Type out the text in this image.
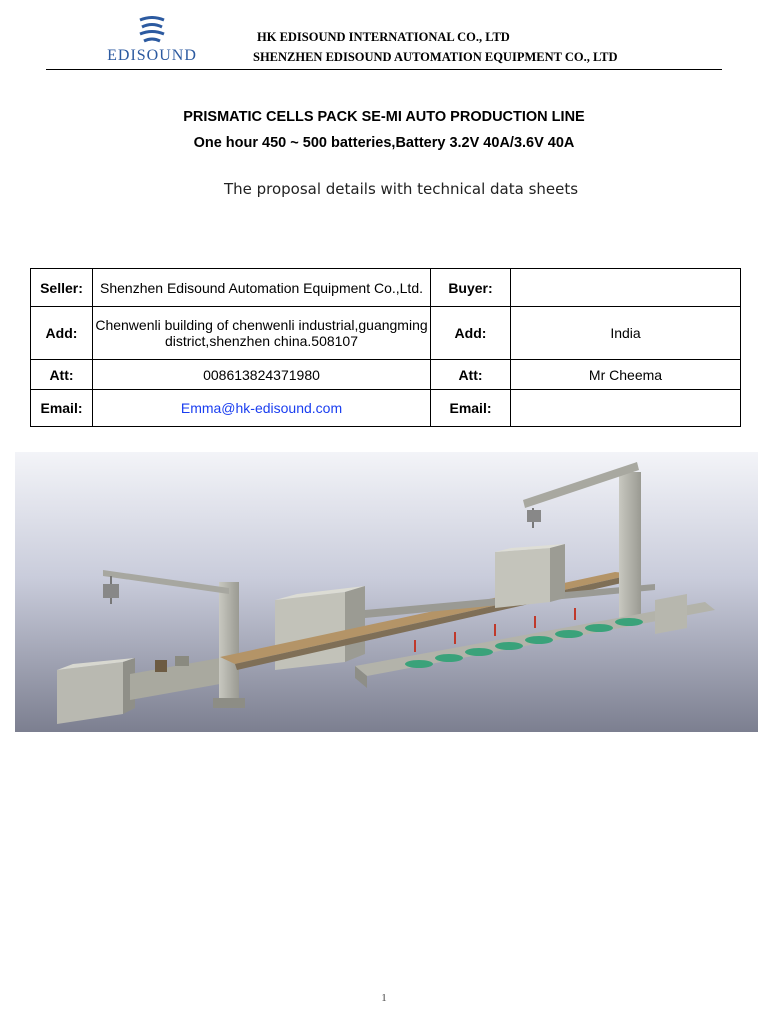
EDISOUND
HK EDISOUND INTERNATIONAL CO., LTD
SHENZHEN EDISOUND AUTOMATION EQUIPMENT CO., LTD
PRISMATIC CELLS PACK SE-MI AUTO PRODUCTION LINE
One hour 450 ~ 500 batteries,Battery 3.2V 40A/3.6V 40A
The proposal details with technical data sheets
Seller:	Shenzhen Edisound Automation Equipment Co.,Ltd.	Buyer:	
Add:	Chenwenli building of chenwenli industrial,guangming
district,shenzhen china.508107	Add:	India
Att:	008613824371980	Att:	Mr Cheema
Email:	Emma@hk-edisound.com	Email:	
1
